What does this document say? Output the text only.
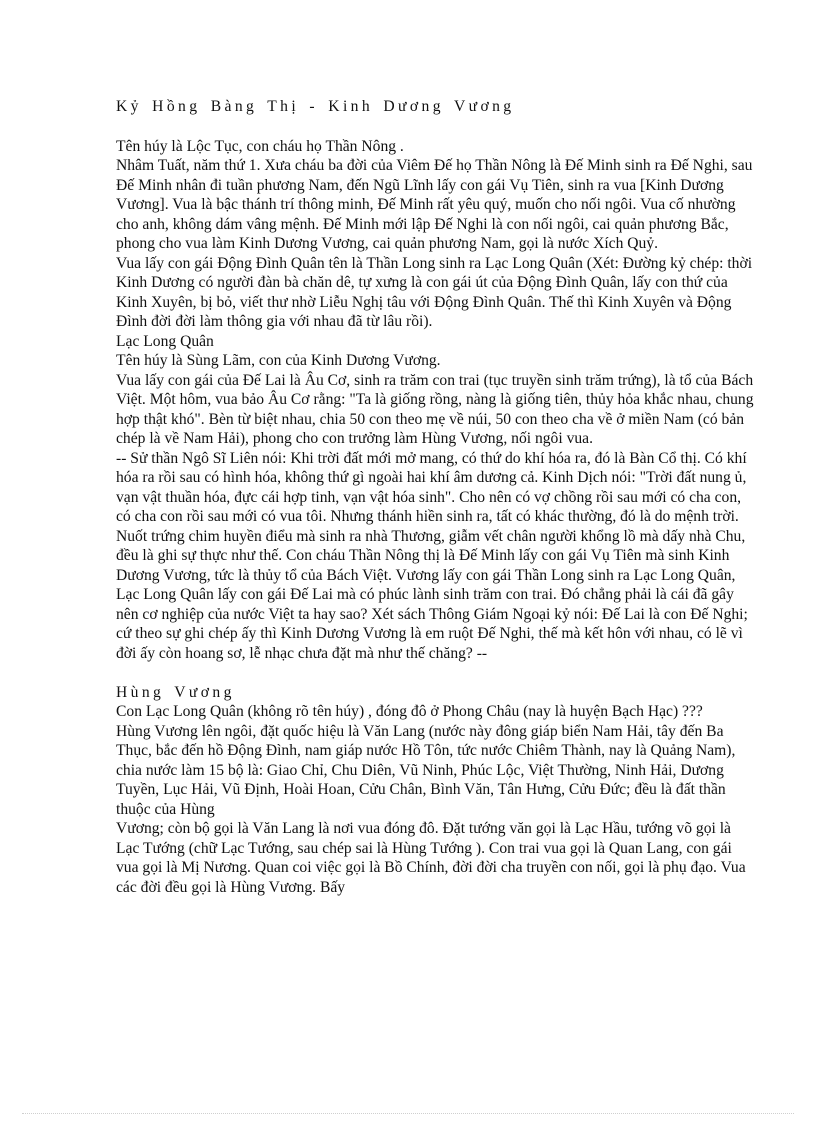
Kỷ Hồng Bàng Thị - Kinh Dương Vương

Tên húy là Lộc Tục, con cháu họ Thần Nông .

Nhâm Tuất, năm thứ 1. Xưa cháu ba đời của Viêm Đế họ Thần Nông là Đế Minh sinh ra Đế Nghi, sau Đế Minh nhân đi tuần phương Nam, đến Ngũ Lĩnh lấy con gái Vụ Tiên, sinh ra vua [Kinh Dương Vương]. Vua là bậc thánh trí thông minh, Đế Minh rất yêu quý, muốn cho nối ngôi. Vua cố nhường cho anh, không dám vâng mệnh. Đế Minh mới lập Đế Nghi là con nối ngôi, cai quản phương Bắc, phong cho vua làm Kinh Dương Vương, cai quản phương Nam, gọi là nước Xích Quỷ.

Vua lấy con gái Động Đình Quân tên là Thần Long sinh ra Lạc Long Quân (Xét: Đường kỷ chép: thời Kinh Dương có người đàn bà chăn dê, tự xưng là con gái út của Động Đình Quân, lấy con thứ của Kinh Xuyên, bị bỏ, viết thư nhờ Liễu Nghị tâu với Động Đình Quân. Thế thì Kinh Xuyên và Động Đình đời đời làm thông gia với nhau đã từ lâu rồi).

Lạc Long Quân

Tên húy là Sùng Lãm, con của Kinh Dương Vương.

Vua lấy con gái của Đế Lai là Âu Cơ, sinh ra trăm con trai (tục truyền sinh trăm trứng), là tổ của Bách Việt. Một hôm, vua bảo Âu Cơ rằng: "Ta là giống rồng, nàng là giống tiên, thủy hỏa khắc nhau, chung hợp thật khó". Bèn từ biệt nhau, chia 50 con theo mẹ về núi, 50 con theo cha về ở miền Nam (có bản chép là về Nam Hải), phong cho con trưởng làm Hùng Vương, nối ngôi vua.

-- Sử thần Ngô Sĩ Liên nói: Khi trời đất mới mở mang, có thứ do khí hóa ra, đó là Bàn Cổ thị. Có khí hóa ra rồi sau có hình hóa, không thứ gì ngoài hai khí âm dương cả. Kinh Dịch nói: "Trời đất nung ủ, vạn vật thuần hóa, đực cái hợp tinh, vạn vật hóa sinh". Cho nên có vợ chồng rồi sau mới có cha con, có cha con rồi sau mới có vua tôi. Nhưng thánh hiền sinh ra, tất có khác thường, đó là do mệnh trời. Nuốt trứng chim huyền điểu mà sinh ra nhà Thương, giẫm vết chân người khổng lồ mà dấy nhà Chu, đều là ghi sự thực như thế. Con cháu Thần Nông thị là Đế Minh lấy con gái Vụ Tiên mà sinh Kinh Dương Vương, tức là thủy tổ của Bách Việt. Vương lấy con gái Thần Long sinh ra Lạc Long Quân, Lạc Long Quân lấy con gái Đế Lai mà có phúc lành sinh trăm con trai. Đó chẳng phải là cái đã gây nên cơ nghiệp của nước Việt ta hay sao? Xét sách Thông Giám Ngoại kỷ nói: Đế Lai là con Đế Nghi; cứ theo sự ghi chép ấy thì Kinh Dương Vương là em ruột Đế Nghi, thế mà kết hôn với nhau, có lẽ vì đời ấy còn hoang sơ, lễ nhạc chưa đặt mà như thế chăng? --

Hùng Vương

Con Lạc Long Quân (không rõ tên húy) , đóng đô ở Phong Châu (nay là huyện Bạch Hạc) ???

Hùng Vương lên ngôi, đặt quốc hiệu là Văn Lang (nước này đông giáp biển Nam Hải, tây đến Ba Thục, bắc đến hồ Động Đình, nam giáp nước Hồ Tôn, tức nước Chiêm Thành, nay là Quảng Nam), chia nước làm 15 bộ là: Giao Chỉ, Chu Diên, Vũ Ninh, Phúc Lộc, Việt Thường, Ninh Hải, Dương Tuyền, Lục Hải, Vũ Định, Hoài Hoan, Cửu Chân, Bình Văn, Tân Hưng, Cửu Đức; đều là đất thần thuộc của Hùng

Vương; còn bộ gọi là Văn Lang là nơi vua đóng đô. Đặt tướng văn gọi là Lạc Hầu, tướng võ gọi là Lạc Tướng (chữ Lạc Tướng, sau chép sai là Hùng Tướng ). Con trai vua gọi là Quan Lang, con gái vua gọi là Mị Nương. Quan coi việc gọi là Bồ Chính, đời đời cha truyền con nối, gọi là phụ đạo. Vua các đời đều gọi là Hùng Vương. Bấy
